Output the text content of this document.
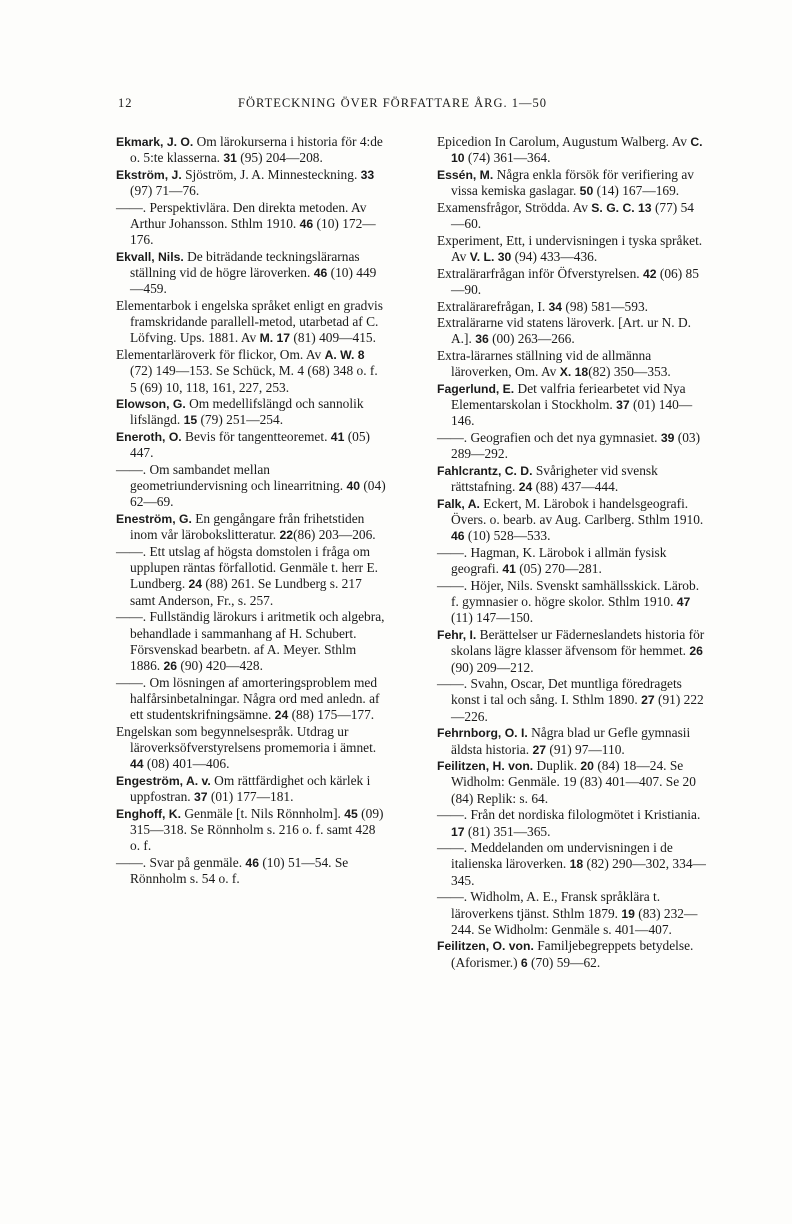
12	FÖRTECKNING ÖVER FÖRFATTARE ÅRG. 1—50

Ekmark, J. O. Om lärokurserna i historia för 4:de o. 5:te klasserna. 31 (95) 204—208.

Ekström, J. Sjöström, J. A. Minnesteckning. 33 (97) 71—76.

——. Perspektivlära. Den direkta metoden. Av Arthur Johansson. Sthlm 1910. 46 (10) 172—176.

Ekvall, Nils. De biträdande teckningslärarnas ställning vid de högre läroverken. 46 (10) 449—459.

Elementarbok i engelska språket enligt en gradvis framskridande parallell-metod, utarbetad af C. Löfving. Ups. 1881. Av M. 17 (81) 409—415.

Elementarläroverk för flickor, Om. Av A. W. 8 (72) 149—153. Se Schück, M. 4 (68) 348 o. f. 5 (69) 10, 118, 161, 227, 253.

Elowson, G. Om medellifslängd och sannolik lifslängd. 15 (79) 251—254.

Eneroth, O. Bevis för tangentteoremet. 41 (05) 447.

——. Om sambandet mellan geometriundervisning och linearritning. 40 (04) 62—69.

Eneström, G. En gengångare från frihetstiden inom vår lärobokslitteratur. 22(86) 203—206.

——. Ett utslag af högsta domstolen i fråga om upplupen räntas förfallotid. Genmäle t. herr E. Lundberg. 24 (88) 261. Se Lundberg s. 217 samt Anderson, Fr., s. 257.

——. Fullständig lärokurs i aritmetik och algebra, behandlade i sammanhang af H. Schubert. Försvenskad bearbetn. af A. Meyer. Sthlm 1886. 26 (90) 420—428.

——. Om lösningen af amorteringsproblem med halfårsinbetalningar. Några ord med anledn. af ett studentskrifningsämne. 24 (88) 175—177.

Engelskan som begynnelsespråk. Utdrag ur läroverksöfverstyrelsens promemoria i ämnet. 44 (08) 401—406.

Engeström, A. v. Om rättfärdighet och kärlek i uppfostran. 37 (01) 177—181.

Enghoff, K. Genmäle [t. Nils Rönnholm]. 45 (09) 315—318. Se Rönnholm s. 216 o. f. samt 428 o. f.

——. Svar på genmäle. 46 (10) 51—54. Se Rönnholm s. 54 o. f.

Epicedion In Carolum, Augustum Walberg. Av C. 10 (74) 361—364.

Essén, M. Några enkla försök för verifiering av vissa kemiska gaslagar. 50 (14) 167—169.

Examensfrågor, Strödda. Av S. G. C. 13 (77) 54—60.

Experiment, Ett, i undervisningen i tyska språket. Av V. L. 30 (94) 433—436.

Extralärarfrågan inför Öfverstyrelsen. 42 (06) 85—90.

Extralärarefrågan, I. 34 (98) 581—593.

Extralärarne vid statens läroverk. [Art. ur N. D. A.]. 36 (00) 263—266.

Extra-lärarnes ställning vid de allmänna läroverken, Om. Av X. 18(82) 350—353.

Fagerlund, E. Det valfria feriearbetet vid Nya Elementarskolan i Stockholm. 37 (01) 140—146.

——. Geografien och det nya gymnasiet. 39 (03) 289—292.

Fahlcrantz, C. D. Svårigheter vid svensk rättstafning. 24 (88) 437—444.

Falk, A. Eckert, M. Lärobok i handelsgeografi. Övers. o. bearb. av Aug. Carlberg. Sthlm 1910. 46 (10) 528—533.

——. Hagman, K. Lärobok i allmän fysisk geografi. 41 (05) 270—281.

——. Höjer, Nils. Svenskt samhällsskick. Lärob. f. gymnasier o. högre skolor. Sthlm 1910. 47 (11) 147—150.

Fehr, I. Berättelser ur Fäderneslandets historia för skolans lägre klasser äfvensom för hemmet. 26 (90) 209—212.

——. Svahn, Oscar, Det muntliga föredragets konst i tal och sång. I. Sthlm 1890. 27 (91) 222—226.

Fehrnborg, O. I. Några blad ur Gefle gymnasii äldsta historia. 27 (91) 97—110.

Feilitzen, H. von. Duplik. 20 (84) 18—24. Se Widholm: Genmäle. 19 (83) 401—407. Se 20 (84) Replik: s. 64.

——. Från det nordiska filologmötet i Kristiania. 17 (81) 351—365.

——. Meddelanden om undervisningen i de italienska läroverken. 18 (82) 290—302, 334—345.

——. Widholm, A. E., Fransk språklära t. läroverkens tjänst. Sthlm 1879. 19 (83) 232—244. Se Widholm: Genmäle s. 401—407.

Feilitzen, O. von. Familjebegreppets betydelse. (Aforismer.) 6 (70) 59—62.
